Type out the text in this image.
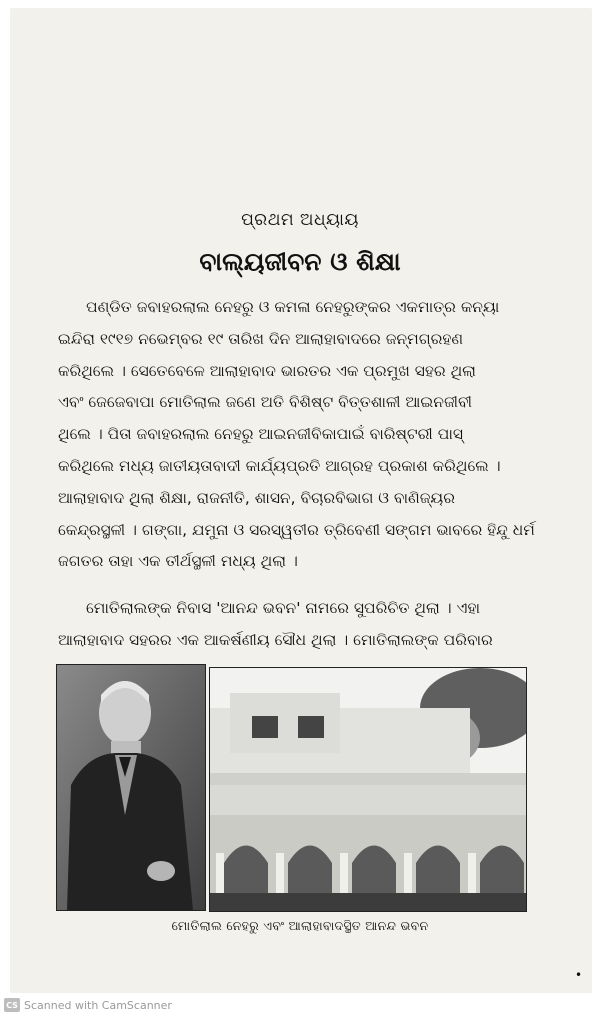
ପ୍ରଥମ ଅଧ୍ୟାୟ
ବାଲ୍ୟଜୀବନ ଓ ଶିକ୍ଷା
ପଣ୍ଡିତ ଜବାହରଲାଲ ନେହରୁ ଓ କମଳା ନେହରୁଙ୍କର ଏକମାତ୍ର କନ୍ୟା
ଇନ୍ଦିରା ୧୯୧୭ ନଭେମ୍ବର ୧୯ ତାରିଖ ଦିନ ଆଲାହାବାଦରେ ଜନ୍ମଗ୍ରହଣ
କରିଥିଲେ । ସେତେବେଳେ ଆଲାହାବାଦ ଭାରତର ଏକ ପ୍ରମୁଖ ସହର ଥିଲା
ଏବଂ ଜେଜେବାପା ମୋତିଲାଲ ଜଣେ ଅତି ବିଶିଷ୍ଟ ବିତ୍ତଶାଳୀ ଆଇନଜୀବୀ
ଥିଲେ । ପିତା ଜବାହରଲାଲ ନେହରୁ ଆଇନଜୀବିକାପାଇଁ ବାରିଷ୍ଟରୀ ପାସ୍
କରିଥିଲେ ମଧ୍ୟ ଜାତୀୟତାବାଦୀ କାର୍ଯ୍ୟପ୍ରତି ଆଗ୍ରହ ପ୍ରକାଶ କରିଥିଲେ ।
ଆଲାହାବାଦ ଥିଲା ଶିକ୍ଷା, ରାଜନୀତି, ଶାସନ, ବିଚାରବିଭାଗ ଓ ବାଣିଜ୍ୟର
କେନ୍ଦ୍ରସ୍ଥଳୀ । ଗଙ୍ଗା, ଯମୁନା ଓ ସରସ୍ୱତୀର ତ୍ରିବେଣୀ ସଙ୍ଗମ ଭାବରେ ହିନ୍ଦୁ ଧର୍ମ
ଜଗତର ତାହା ଏକ ତୀର୍ଥସ୍ଥଳୀ ମଧ୍ୟ ଥିଲା ।
ମୋତିଲାଲଙ୍କ ନିବାସ 'ଆନନ୍ଦ ଭବନ' ନାମରେ ସୁପରିଚିତ ଥିଲା । ଏହା
ଆଲାହାବାଦ ସହରର ଏକ ଆକର୍ଷଣୀୟ ସୌଧ ଥିଲା । ମୋତିଲାଲଙ୍କ ପରିବାର
ମୋତିଲାଲ ନେହରୁ ଏବଂ ଆଲାହାବାଦସ୍ଥିତ ଆନନ୍ଦ ଭବନ
•
CS Scanned with CamScanner
